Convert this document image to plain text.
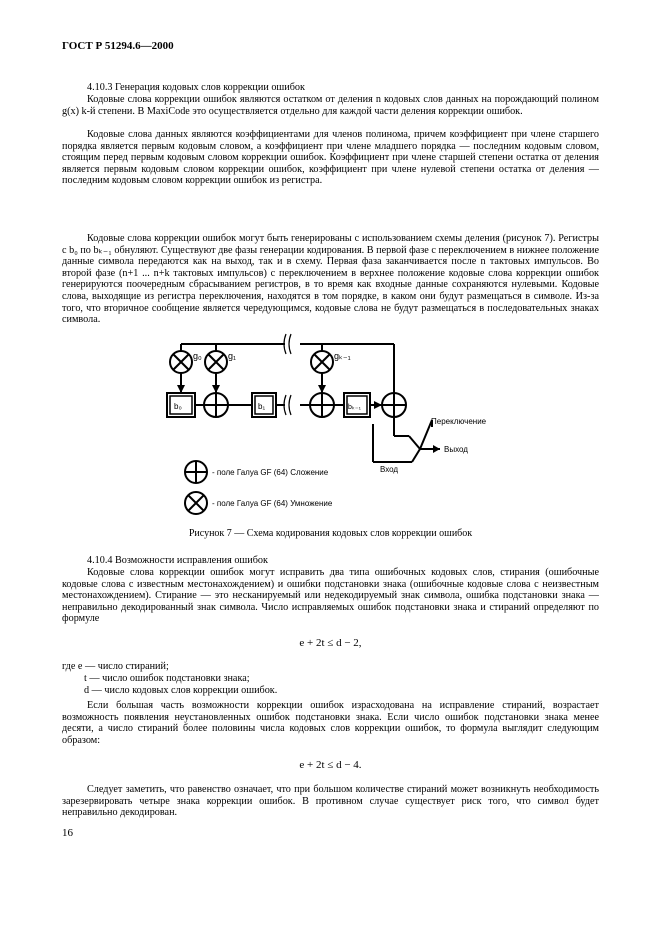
ГОСТ Р 51294.6—2000
4.10.3 Генерация кодовых слов коррекции ошибок
Кодовые слова коррекции ошибок являются остатком от деления n кодовых слов данных на порождающий полином g(x) k-й степени. В MaxiCode это осуществляется отдельно для каждой части деления коррекции ошибок.
Кодовые слова данных являются коэффициентами для членов полинома, причем коэффициент при члене старшего порядка является первым кодовым словом, а коэффициент при члене младшего порядка — последним кодовым словом, стоящим перед первым кодовым словом коррекции ошибок. Коэффициент при члене старшей степени остатка от деления является первым кодовым словом коррекции ошибок, коэффициент при члене нулевой степени остатка от деления — последним кодовым словом коррекции ошибок из регистра.
Кодовые слова коррекции ошибок могут быть генерированы с использованием схемы деления (рисунок 7). Регистры с b₀ по bₖ₋₁ обнуляют. Существуют две фазы генерации кодирования. В первой фазе с переключением в нижнее положение данные символа передаются как на выход, так и в схему. Первая фаза заканчивается после n тактовых импульсов. Во второй фазе (n+1 ... n+k тактовых импульсов) с переключением в верхнее положение кодовые слова коррекции ошибок генерируются поочередным сбрасыванием регистров, в то время как входные данные сохраняются нулевыми. Кодовые слова, выходящие из регистра переключения, находятся в том порядке, в каком они будут размещаться в символе. Из-за того, что вторичное сообщение является чередующимся, кодовые слова не будут размещаться в последовательных знаках символа.
g₀	g₁	gₖ₋₁
b₀	b₁	bₖ₋₁
Переключение
Выход
Вход
- поле Галуа GF (64) Сложение
- поле Галуа GF (64) Умножение
Рисунок 7 — Схема кодирования кодовых слов коррекции ошибок
4.10.4 Возможности исправления ошибок
Кодовые слова коррекции ошибок могут исправить два типа ошибочных кодовых слов, стирания (ошибочные кодовые слова с известным местонахождением) и ошибки подстановки знака (ошибочные кодовые слова с неизвестным местонахождением). Стирание — это несканируемый или недекодируемый знак символа, ошибка подстановки знака — неправильно декодированный знак символа. Число исправляемых ошибок подстановки знака и стираний определяют по формуле
e + 2t ≤ d − 2,
где e — число стираний;
t — число ошибок подстановки знака;
d — число кодовых слов коррекции ошибок.
Если большая часть возможности коррекции ошибок израсходована на исправление стираний, возрастает возможность появления неустановленных ошибок подстановки знака. Если число ошибок подстановки знака менее десяти, а число стираний более половины числа кодовых слов коррекции ошибок, то формула выглядит следующим образом:
e + 2t ≤ d − 4.
Следует заметить, что равенство означает, что при большом количестве стираний может возникнуть необходимость зарезервировать четыре знака коррекции ошибок. В противном случае существует риск того, что символ будет неправильно декодирован.
16
